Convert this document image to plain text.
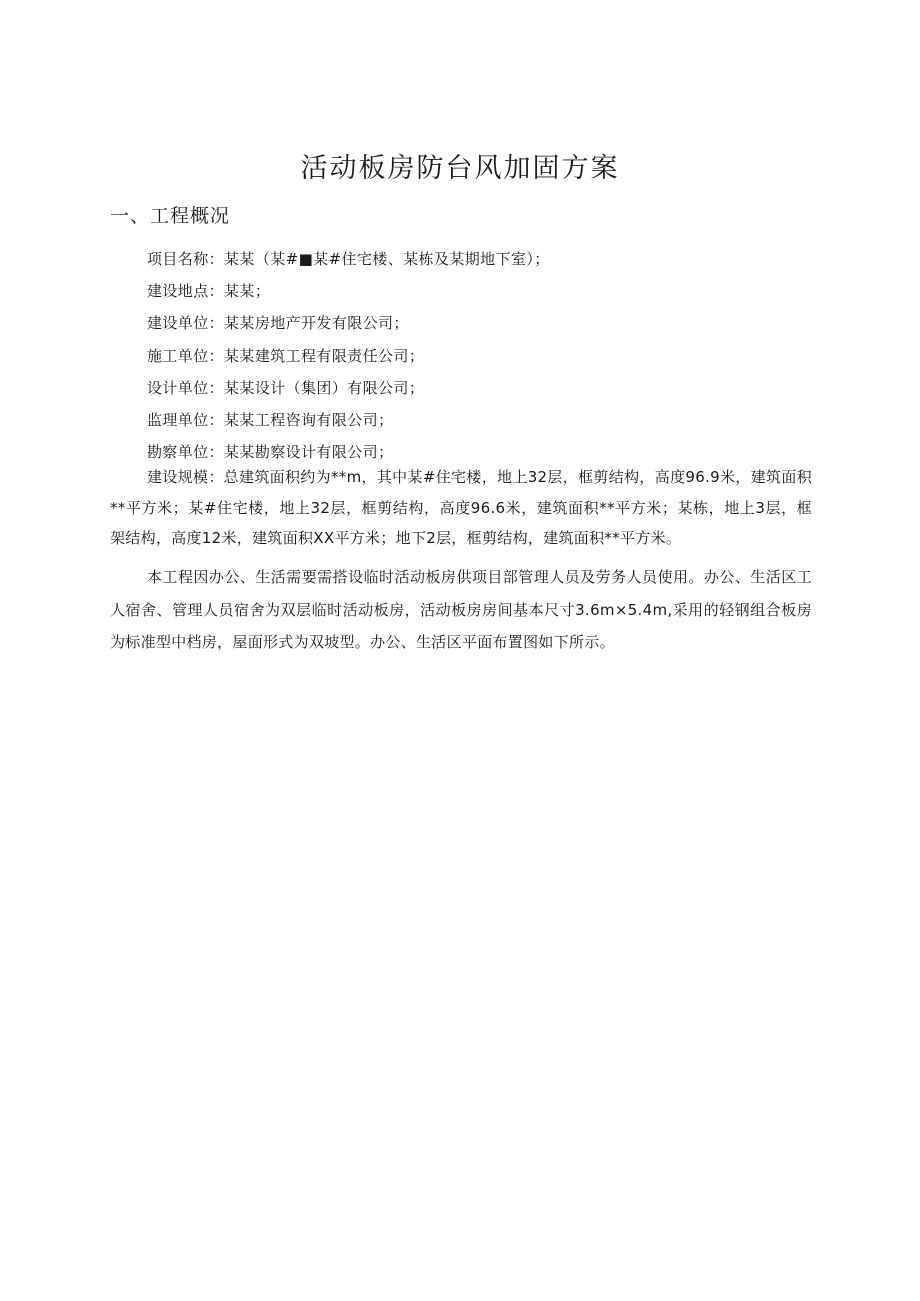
活动板房防台风加固方案
一、工程概况
项目名称：某某（某#■某#住宅楼、某栋及某期地下室）；
建设地点：某某；
建设单位：某某房地产开发有限公司；
施工单位：某某建筑工程有限责任公司；
设计单位：某某设计（集团）有限公司；
监理单位：某某工程咨询有限公司；
勘察单位：某某勘察设计有限公司；

建设规模：总建筑面积约为**m，其中某#住宅楼，地上32层，框剪结构，高度96.9米，建筑面积**平方米；某#住宅楼，地上32层，框剪结构，高度96.6米，建筑面积**平方米；某栋，地上3层，框架结构，高度12米，建筑面积XX平方米；地下2层，框剪结构，建筑面积**平方米。

本工程因办公、生活需要需搭设临时活动板房供项目部管理人员及劳务人员使用。办公、生活区工人宿舍、管理人员宿舍为双层临时活动板房，活动板房房间基本尺寸3.6m×5.4m,采用的轻钢组合板房为标准型中档房，屋面形式为双坡型。办公、生活区平面布置图如下所示。
